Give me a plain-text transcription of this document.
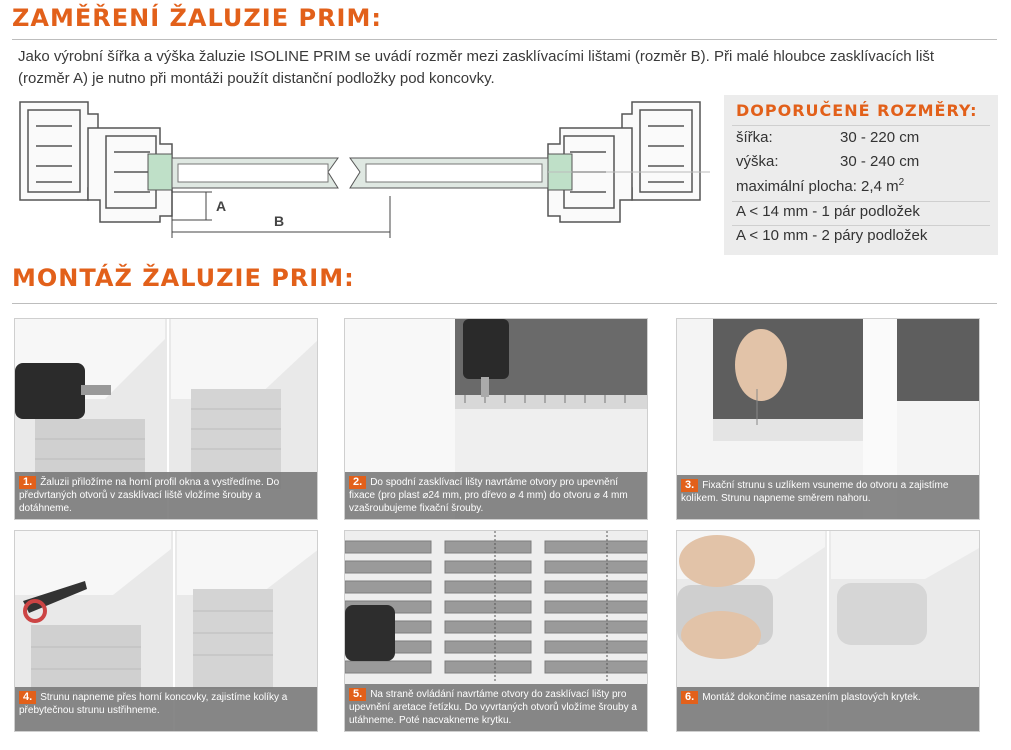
ZAMĚŘENÍ ŽALUZIE PRIM:

Jako výrobní šířka a výška žaluzie ISOLINE PRIM se uvádí rozměr mezi zasklívacími lištami (rozměr B). Při malé hloubce zasklívacích lišt (rozměr A) je nutno při montáži použít distanční podložky pod koncovky.

A
B
DOPORUČENÉ ROZMĚRY:
šířka:	30 - 220 cm
výška:	30 - 240 cm
maximální plocha: 2,4 $m^2$
A < 14 mm - 1 pár podložek
A < 10 mm - 2 páry podložek
MONTÁŽ ŽALUZIE PRIM:
1. Žaluzii přiložíme na horní profil okna a vystředíme. Do předvrtaných otvorů v zasklívací liště vložíme šrouby a dotáhneme.
2. Do spodní zasklívací lišty navrtáme otvory pro upevnění fixace (pro plast ⌀24 mm, pro dřevo ⌀ 4 mm) do otvoru ⌀ 4 mm vzašroubujeme fixační šrouby.
3. Fixační strunu s uzlíkem vsuneme do otvoru a zajistíme kolíkem. Strunu napneme směrem nahoru.
4. Strunu napneme přes horní koncovky, zajistíme kolíky a přebytečnou strunu ustřihneme.
5. Na straně ovládání navrtáme otvory do zasklívací lišty pro upevnění aretace řetízku. Do vyvrtaných otvorů vložíme šrouby a utáhneme. Poté nacvakneme krytku.
6. Montáž dokončíme nasazením plastových krytek.
